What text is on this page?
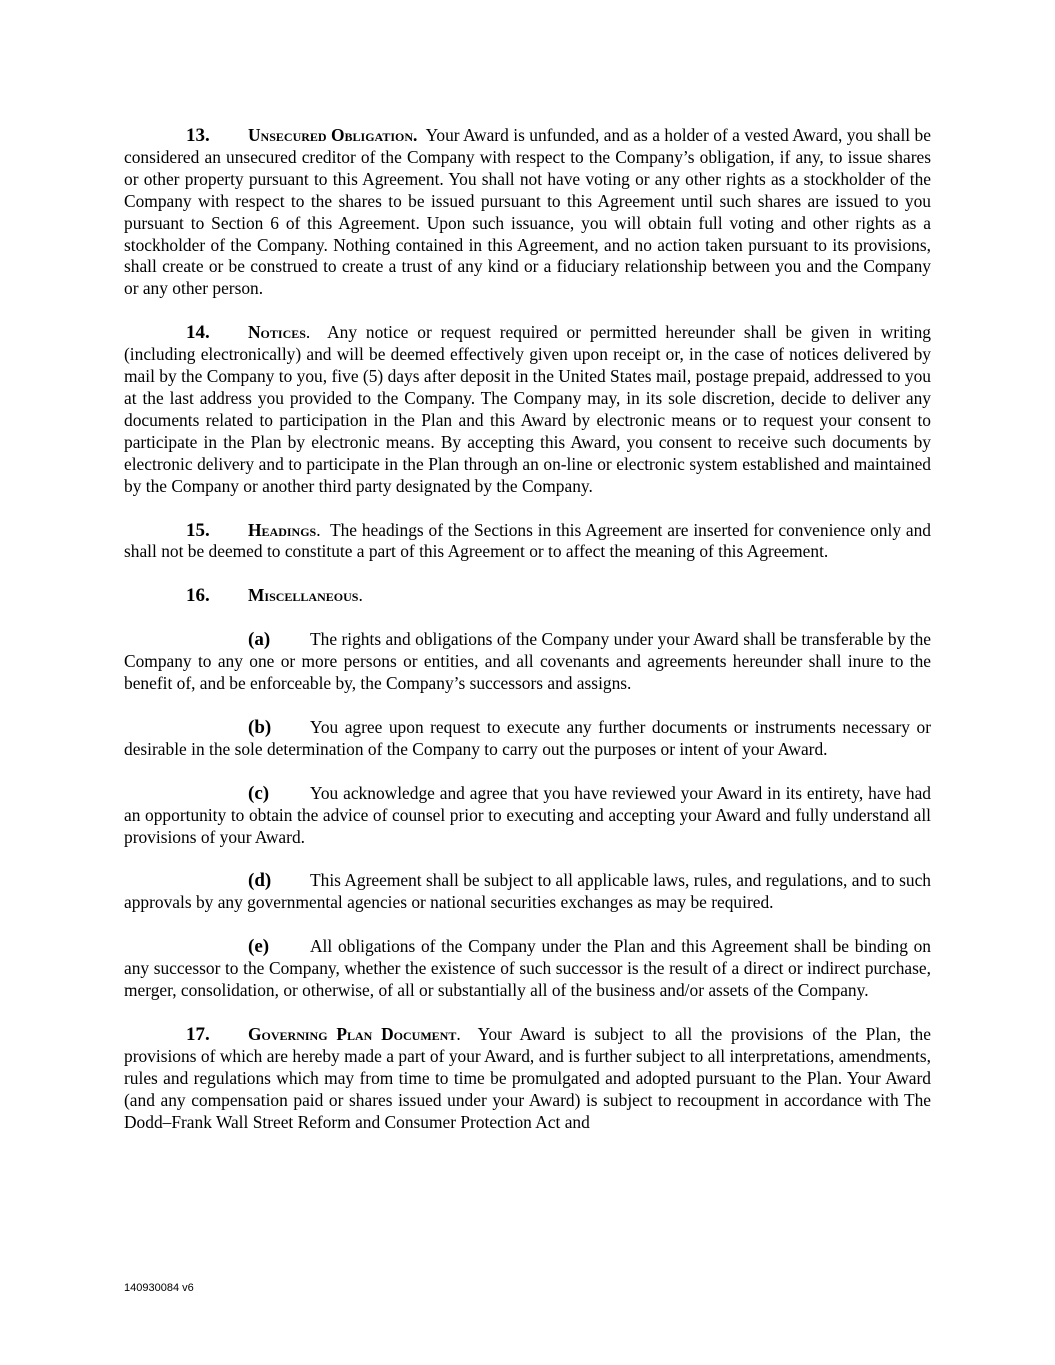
13. Unsecured Obligation. Your Award is unfunded, and as a holder of a vested Award, you shall be considered an unsecured creditor of the Company with respect to the Company’s obligation, if any, to issue shares or other property pursuant to this Agreement. You shall not have voting or any other rights as a stockholder of the Company with respect to the shares to be issued pursuant to this Agreement until such shares are issued to you pursuant to Section 6 of this Agreement. Upon such issuance, you will obtain full voting and other rights as a stockholder of the Company. Nothing contained in this Agreement, and no action taken pursuant to its provisions, shall create or be construed to create a trust of any kind or a fiduciary relationship between you and the Company or any other person.

14. Notices. Any notice or request required or permitted hereunder shall be given in writing (including electronically) and will be deemed effectively given upon receipt or, in the case of notices delivered by mail by the Company to you, five (5) days after deposit in the United States mail, postage prepaid, addressed to you at the last address you provided to the Company. The Company may, in its sole discretion, decide to deliver any documents related to participation in the Plan and this Award by electronic means or to request your consent to participate in the Plan by electronic means. By accepting this Award, you consent to receive such documents by electronic delivery and to participate in the Plan through an on-line or electronic system established and maintained by the Company or another third party designated by the Company.

15. Headings. The headings of the Sections in this Agreement are inserted for convenience only and shall not be deemed to constitute a part of this Agreement or to affect the meaning of this Agreement.

16. Miscellaneous.

(a) The rights and obligations of the Company under your Award shall be transferable by the Company to any one or more persons or entities, and all covenants and agreements hereunder shall inure to the benefit of, and be enforceable by, the Company’s successors and assigns.

(b) You agree upon request to execute any further documents or instruments necessary or desirable in the sole determination of the Company to carry out the purposes or intent of your Award.

(c) You acknowledge and agree that you have reviewed your Award in its entirety, have had an opportunity to obtain the advice of counsel prior to executing and accepting your Award and fully understand all provisions of your Award.

(d) This Agreement shall be subject to all applicable laws, rules, and regulations, and to such approvals by any governmental agencies or national securities exchanges as may be required.

(e) All obligations of the Company under the Plan and this Agreement shall be binding on any successor to the Company, whether the existence of such successor is the result of a direct or indirect purchase, merger, consolidation, or otherwise, of all or substantially all of the business and/or assets of the Company.

17. Governing Plan Document. Your Award is subject to all the provisions of the Plan, the provisions of which are hereby made a part of your Award, and is further subject to all interpretations, amendments, rules and regulations which may from time to time be promulgated and adopted pursuant to the Plan. Your Award (and any compensation paid or shares issued under your Award) is subject to recoupment in accordance with The Dodd–Frank Wall Street Reform and Consumer Protection Act and

140930084 v6
